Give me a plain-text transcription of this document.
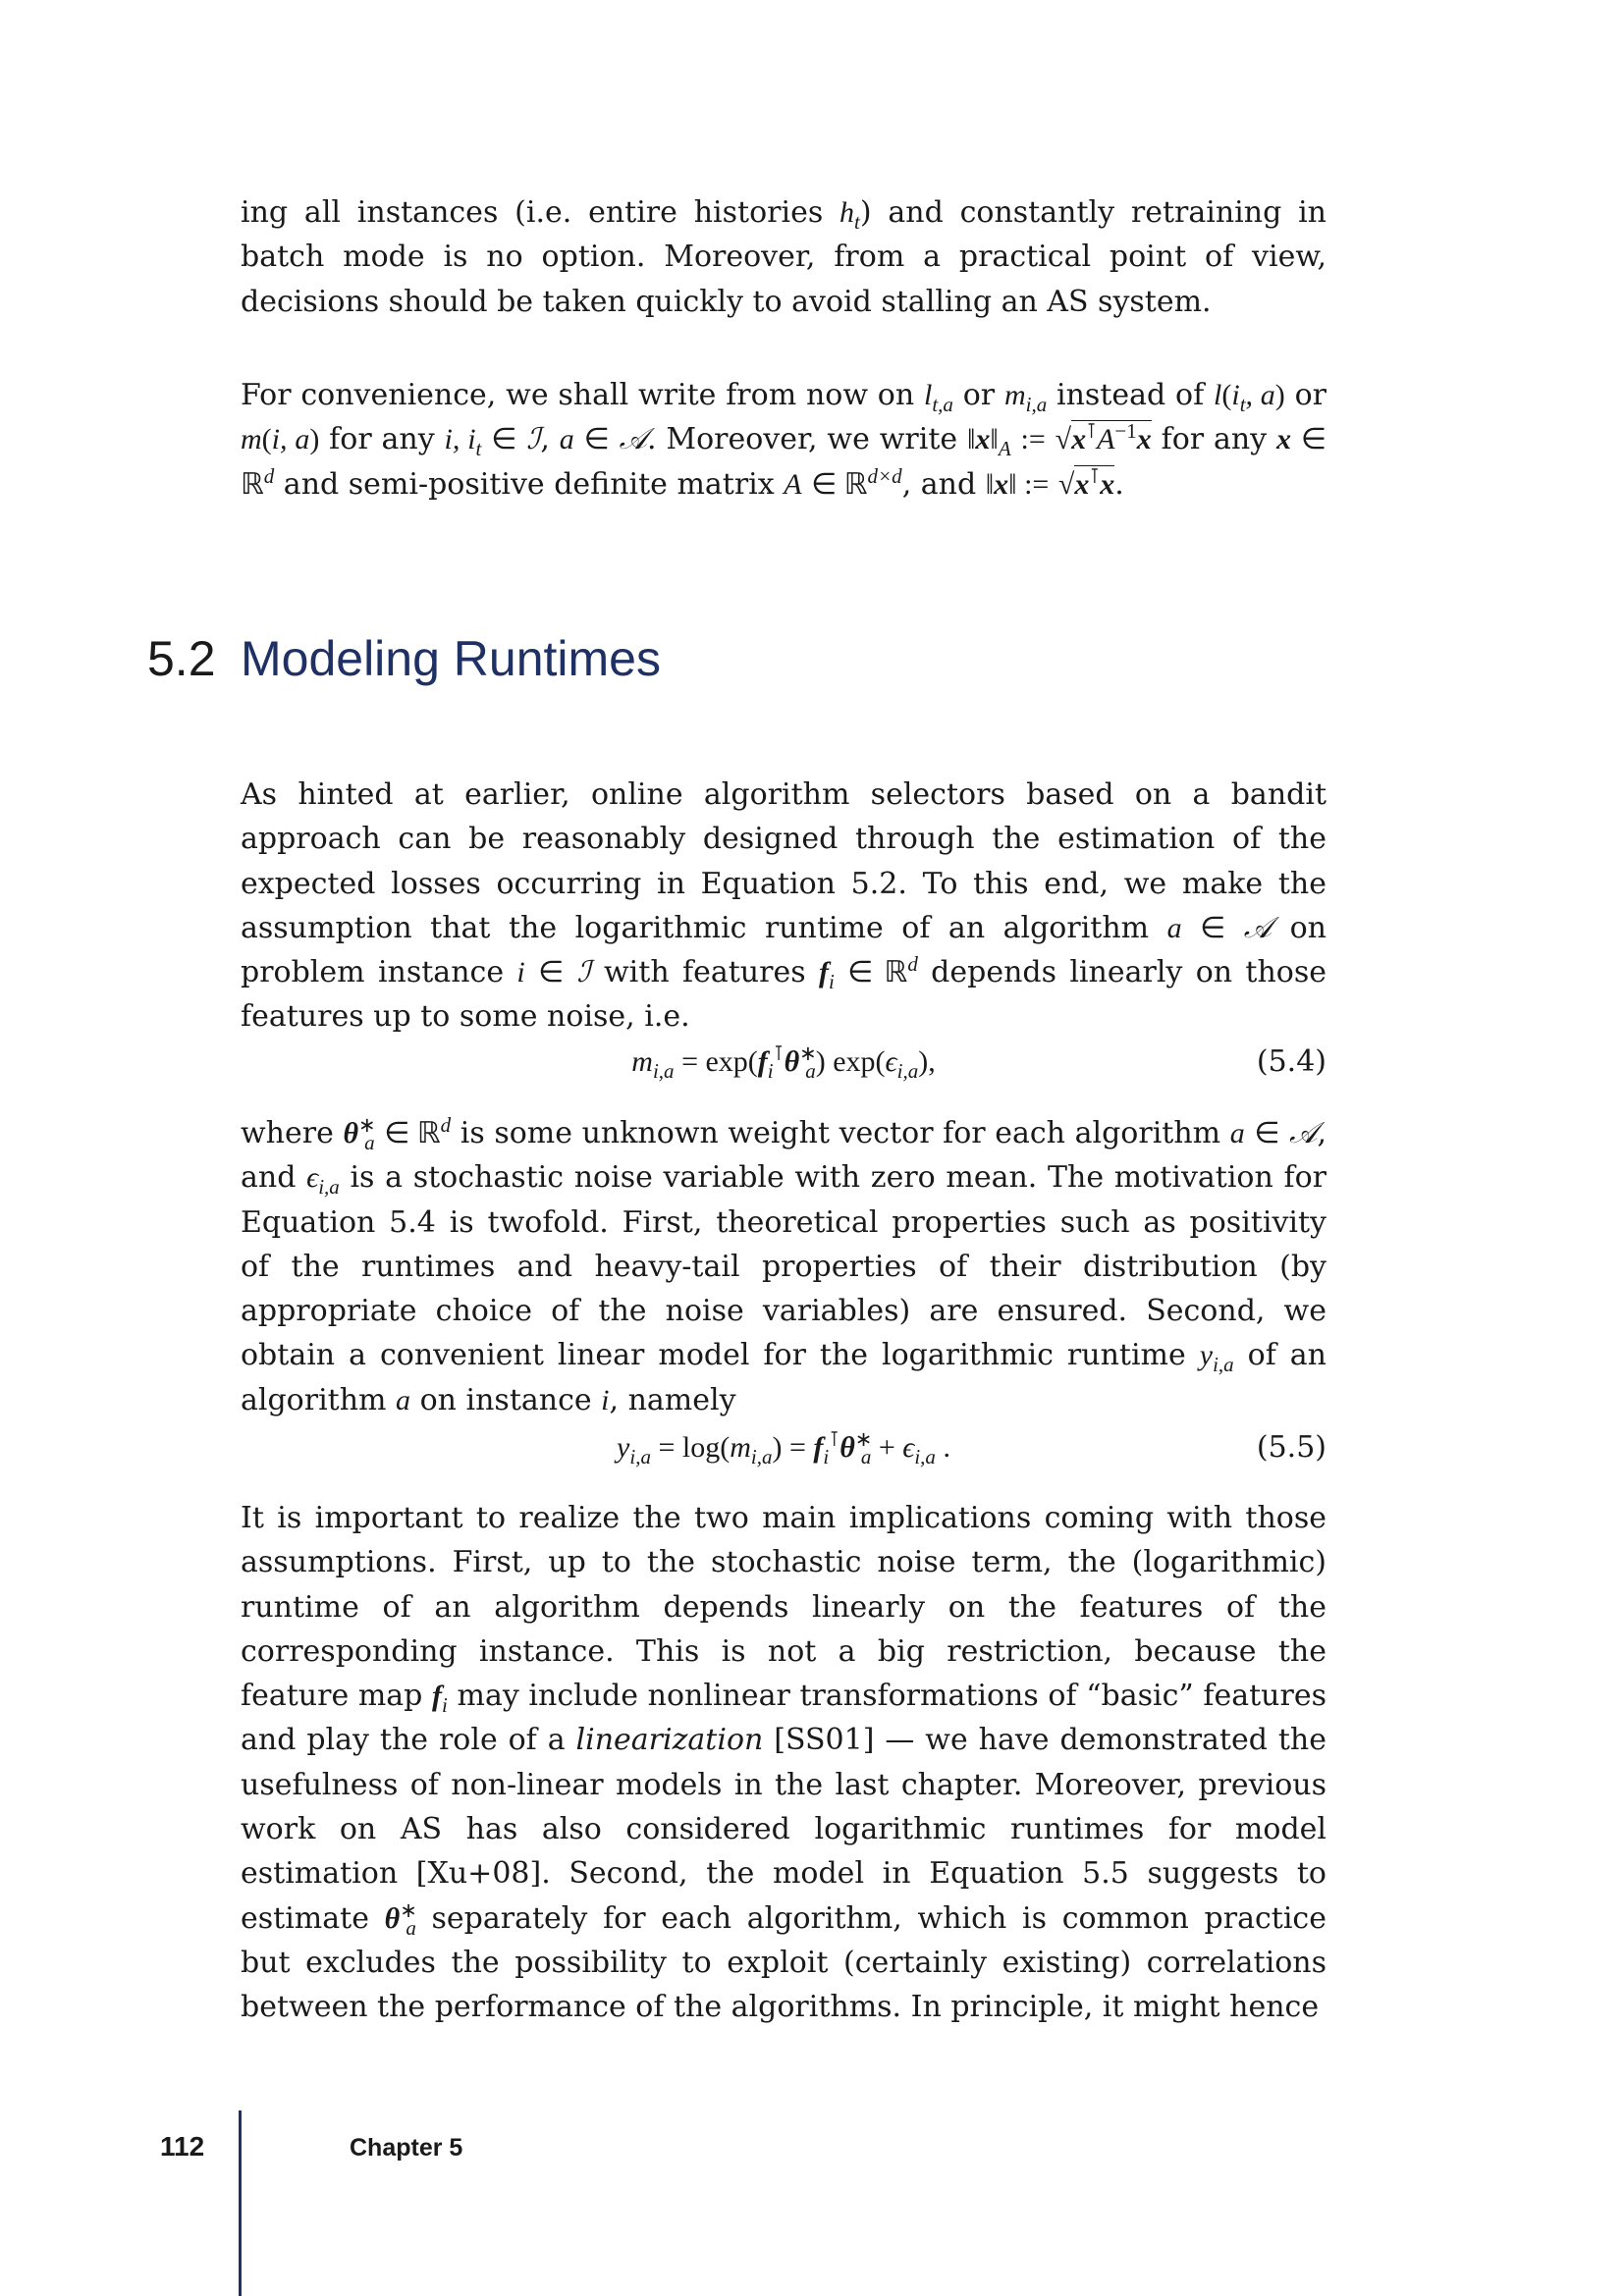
ing all instances (i.e. entire histories $h_t$) and constantly retraining in batch mode is no option. Moreover, from a practical point of view, decisions should be taken quickly to avoid stalling an AS system.

For convenience, we shall write from now on $l_{t,a}$ or $m_{i,a}$ instead of $l(i_t$, a) or m(i, a) for any i, $i_t$ ∈ ℐ, a ∈ 𝒜. Moreover, we write $‖x‖_A$ := $√x^⊺A^{-1}x$ for any x ∈ ℝ$^d$ and semi-positive definite matrix A ∈ ℝ$^{d\times d}$, and ‖x‖ := √x⊺x.

5.2 Modeling Runtimes

As hinted at earlier, online algorithm selectors based on a bandit approach can be reasonably designed through the estimation of the expected losses occurring in Equation 5.2. To this end, we make the assumption that the logarithmic runtime of an algorithm a ∈ 𝒜 on problem instance i ∈ ℐ with features $f_i$ ∈ ℝ$^d$ depends linearly on those features up to some noise, i.e.

$m_{i,a} = \exp(f_i^⊺\theta^∗_a)$ $\exp(\epsilon_{i,a})$,	(5.4)

where $\theta^∗_a$ ∈ ℝ$^d$ is some unknown weight vector for each algorithm a ∈ 𝒜, and $\epsilon_{i,a}$ is a stochastic noise variable with zero mean. The motivation for Equation 5.4 is twofold. First, theoretical properties such as positivity of the runtimes and heavy-tail properties of their distribution (by appropriate choice of the noise variables) are ensured. Second, we obtain a convenient linear model for the logarithmic runtime $y_{i,a}$ of an algorithm a on instance i, namely

$y_{i,a} = \log(m_{i,a}) = f_i^⊺\theta^∗_a + \epsilon_{i,a}$ .	(5.5)

It is important to realize the two main implications coming with those assumptions. First, up to the stochastic noise term, the (logarithmic) runtime of an algorithm depends linearly on the features of the corresponding instance. This is not a big restriction, because the feature map $f_i$ may include nonlinear transformations of “basic” features and play the role of a linearization [SS01] — we have demonstrated the usefulness of non-linear models in the last chapter. Moreover, previous work on AS has also considered logarithmic runtimes for model estimation [Xu+08]. Second, the model in Equation 5.5 suggests to estimate $\theta^∗_a$ separately for each algorithm, which is common practice but excludes the possibility to exploit (certainly existing) correlations between the performance of the algorithms. In principle, it might hence

112	Chapter 5
